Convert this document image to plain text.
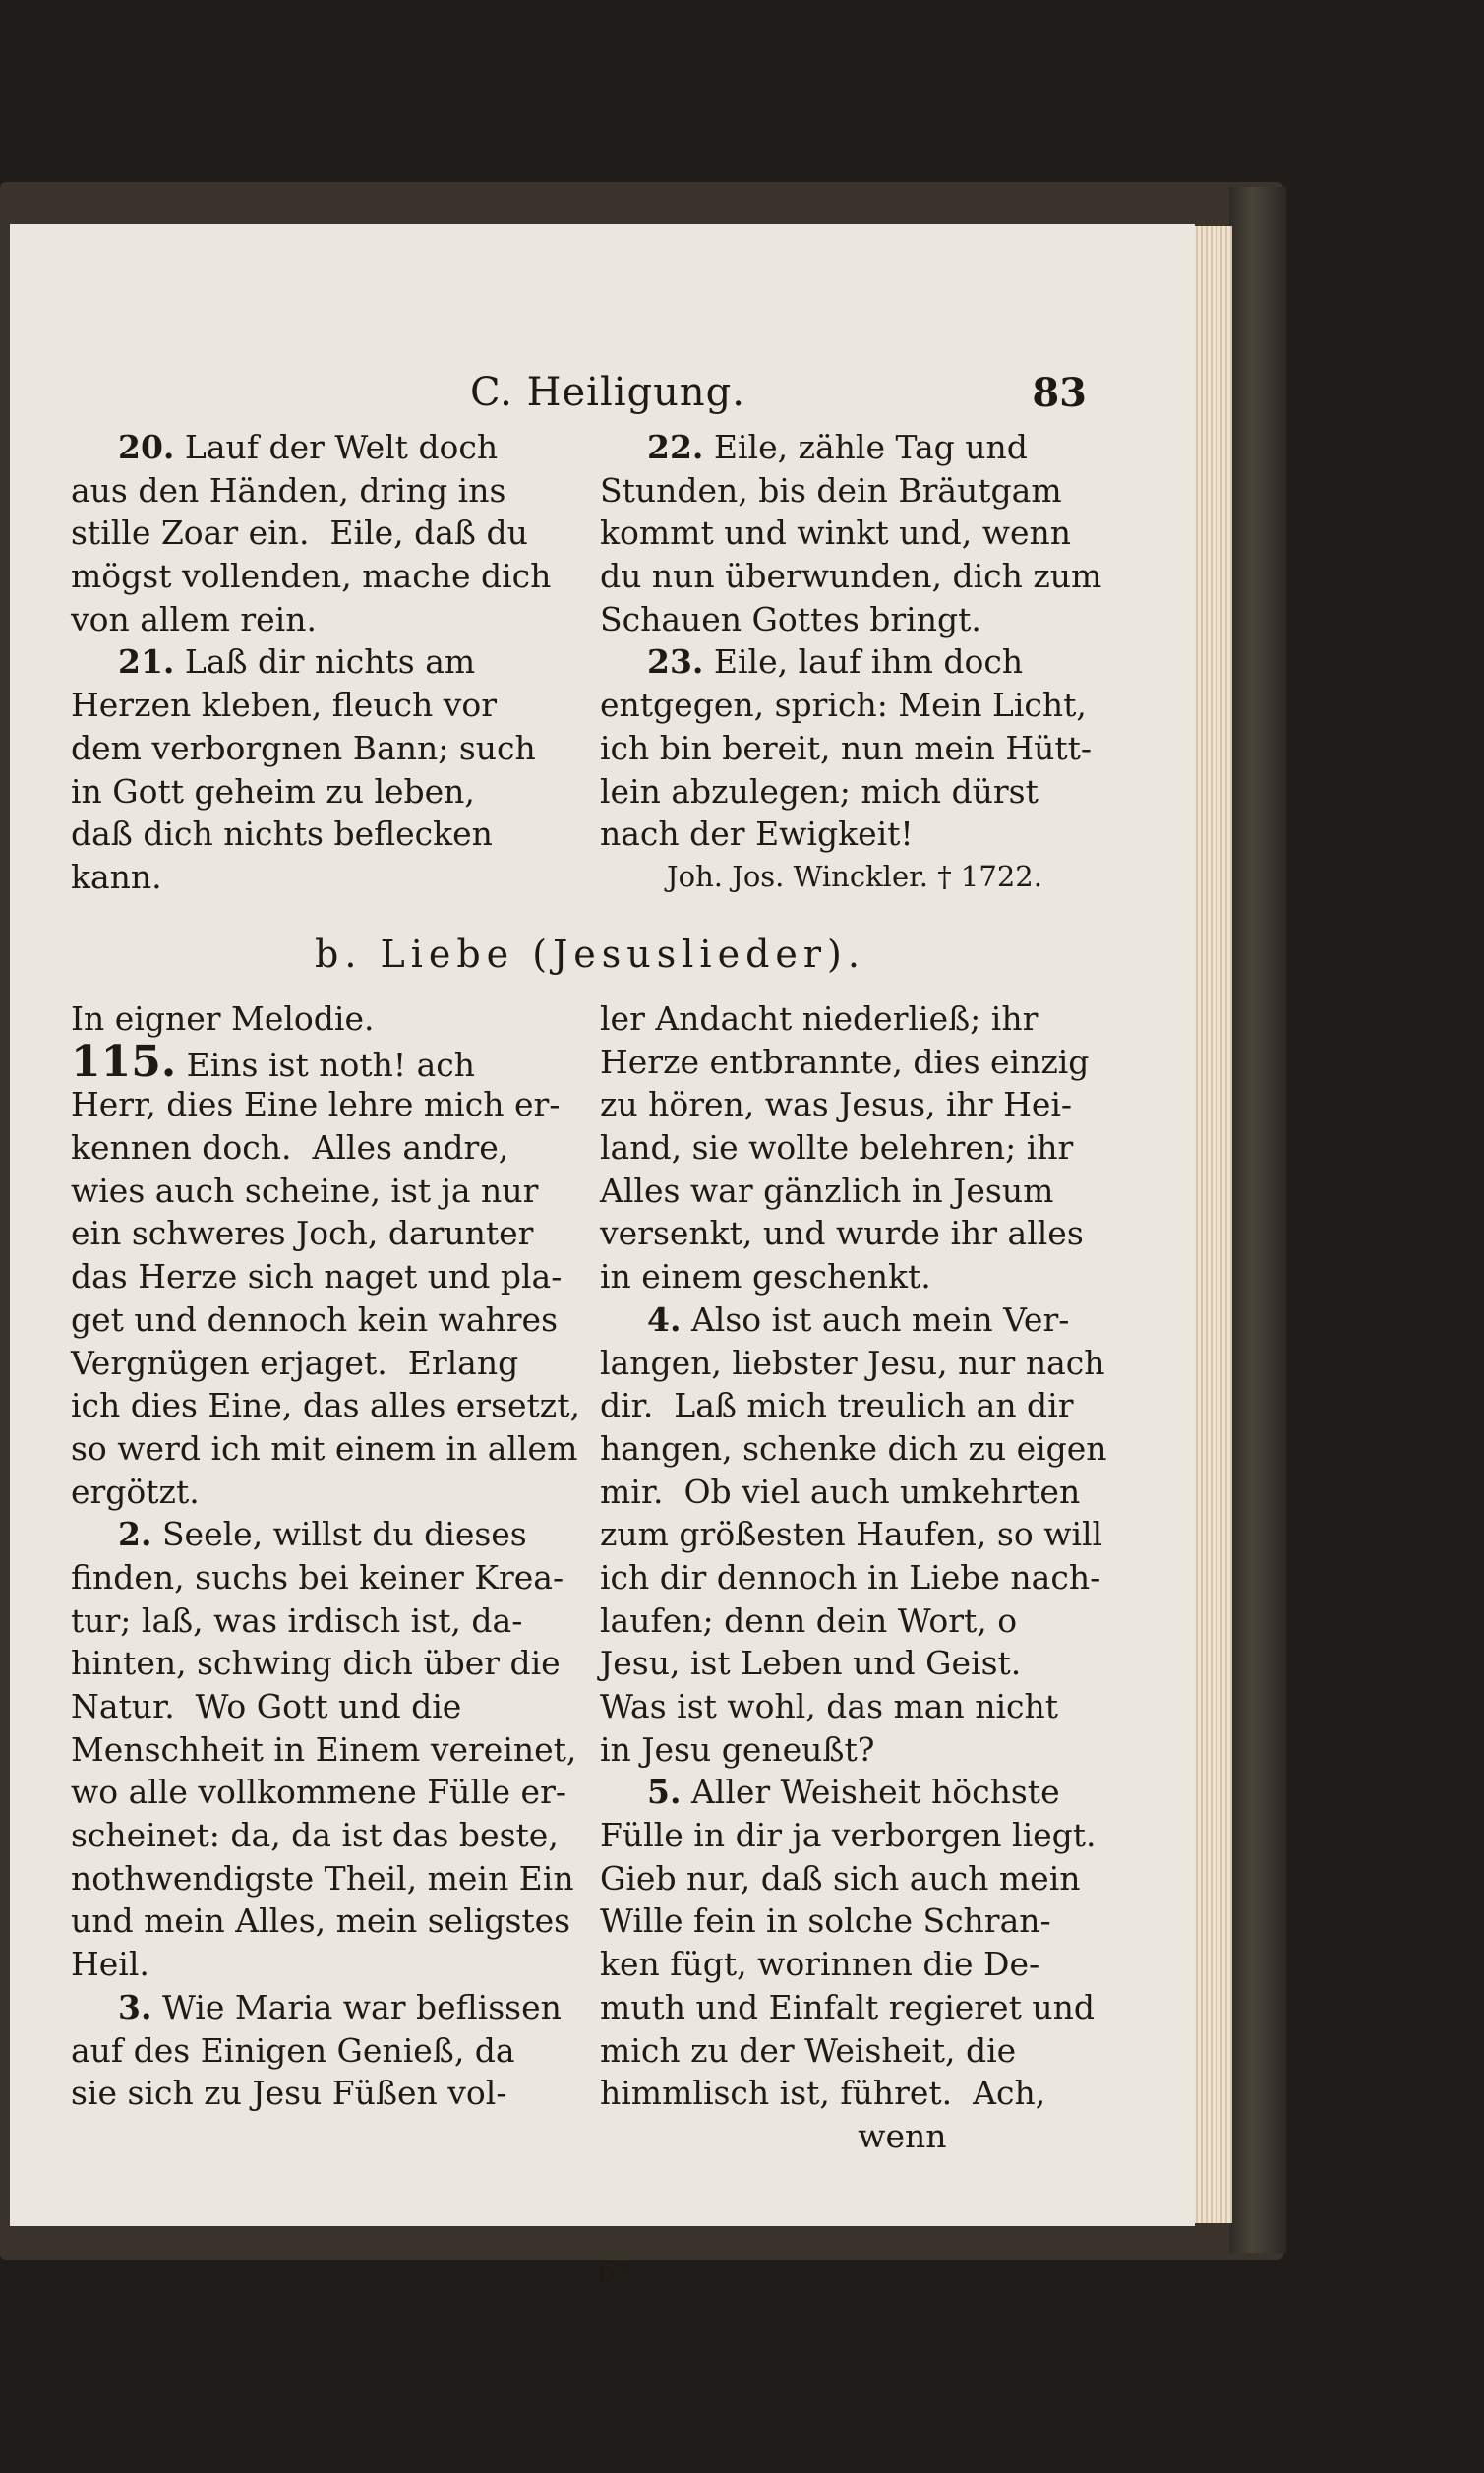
C. Heiligung.	83
20. Lauf der Welt doch
aus den Händen, dring ins
stille Zoar ein.  Eile, daß du
mögst vollenden, mache dich
von allem rein.
21. Laß dir nichts am
Herzen kleben, fleuch vor
dem verborgnen Bann; such
in Gott geheim zu leben,
daß dich nichts beflecken
kann.
22. Eile, zähle Tag und
Stunden, bis dein Bräutgam
kommt und winkt und, wenn
du nun überwunden, dich zum
Schauen Gottes bringt.
23. Eile, lauf ihm doch
entgegen, sprich: Mein Licht,
ich bin bereit, nun mein Hütt-
lein abzulegen; mich dürst
nach der Ewigkeit!
Joh. Jos. Winckler. † 1722.
b. Liebe (Jesuslieder).
In eigner Melodie.
115. Eins ist noth! ach
Herr, dies Eine lehre mich er-
kennen doch.  Alles andre,
wies auch scheine, ist ja nur
ein schweres Joch, darunter
das Herze sich naget und pla-
get und dennoch kein wahres
Vergnügen erjaget.  Erlang
ich dies Eine, das alles ersetzt,
so werd ich mit einem in allem
ergötzt.
2. Seele, willst du dieses
finden, suchs bei keiner Krea-
tur; laß, was irdisch ist, da-
hinten, schwing dich über die
Natur.  Wo Gott und die
Menschheit in Einem vereinet,
wo alle vollkommene Fülle er-
scheinet: da, da ist das beste,
nothwendigste Theil, mein Ein
und mein Alles, mein seligstes
Heil.
3. Wie Maria war beflissen
auf des Einigen Genieß, da
sie sich zu Jesu Füßen vol-
ler Andacht niederließ; ihr
Herze entbrannte, dies einzig
zu hören, was Jesus, ihr Hei-
land, sie wollte belehren; ihr
Alles war gänzlich in Jesum
versenkt, und wurde ihr alles
in einem geschenkt.
4. Also ist auch mein Ver-
langen, liebster Jesu, nur nach
dir.  Laß mich treulich an dir
hangen, schenke dich zu eigen
mir.  Ob viel auch umkehrten
zum größesten Haufen, so will
ich dir dennoch in Liebe nach-
laufen; denn dein Wort, o
Jesu, ist Leben und Geist.
Was ist wohl, das man nicht
in Jesu geneußt?
5. Aller Weisheit höchste
Fülle in dir ja verborgen liegt.
Gieb nur, daß sich auch mein
Wille fein in solche Schran-
ken fügt, worinnen die De-
muth und Einfalt regieret und
mich zu der Weisheit, die
himmlisch ist, führet.  Ach,
wenn
6*
